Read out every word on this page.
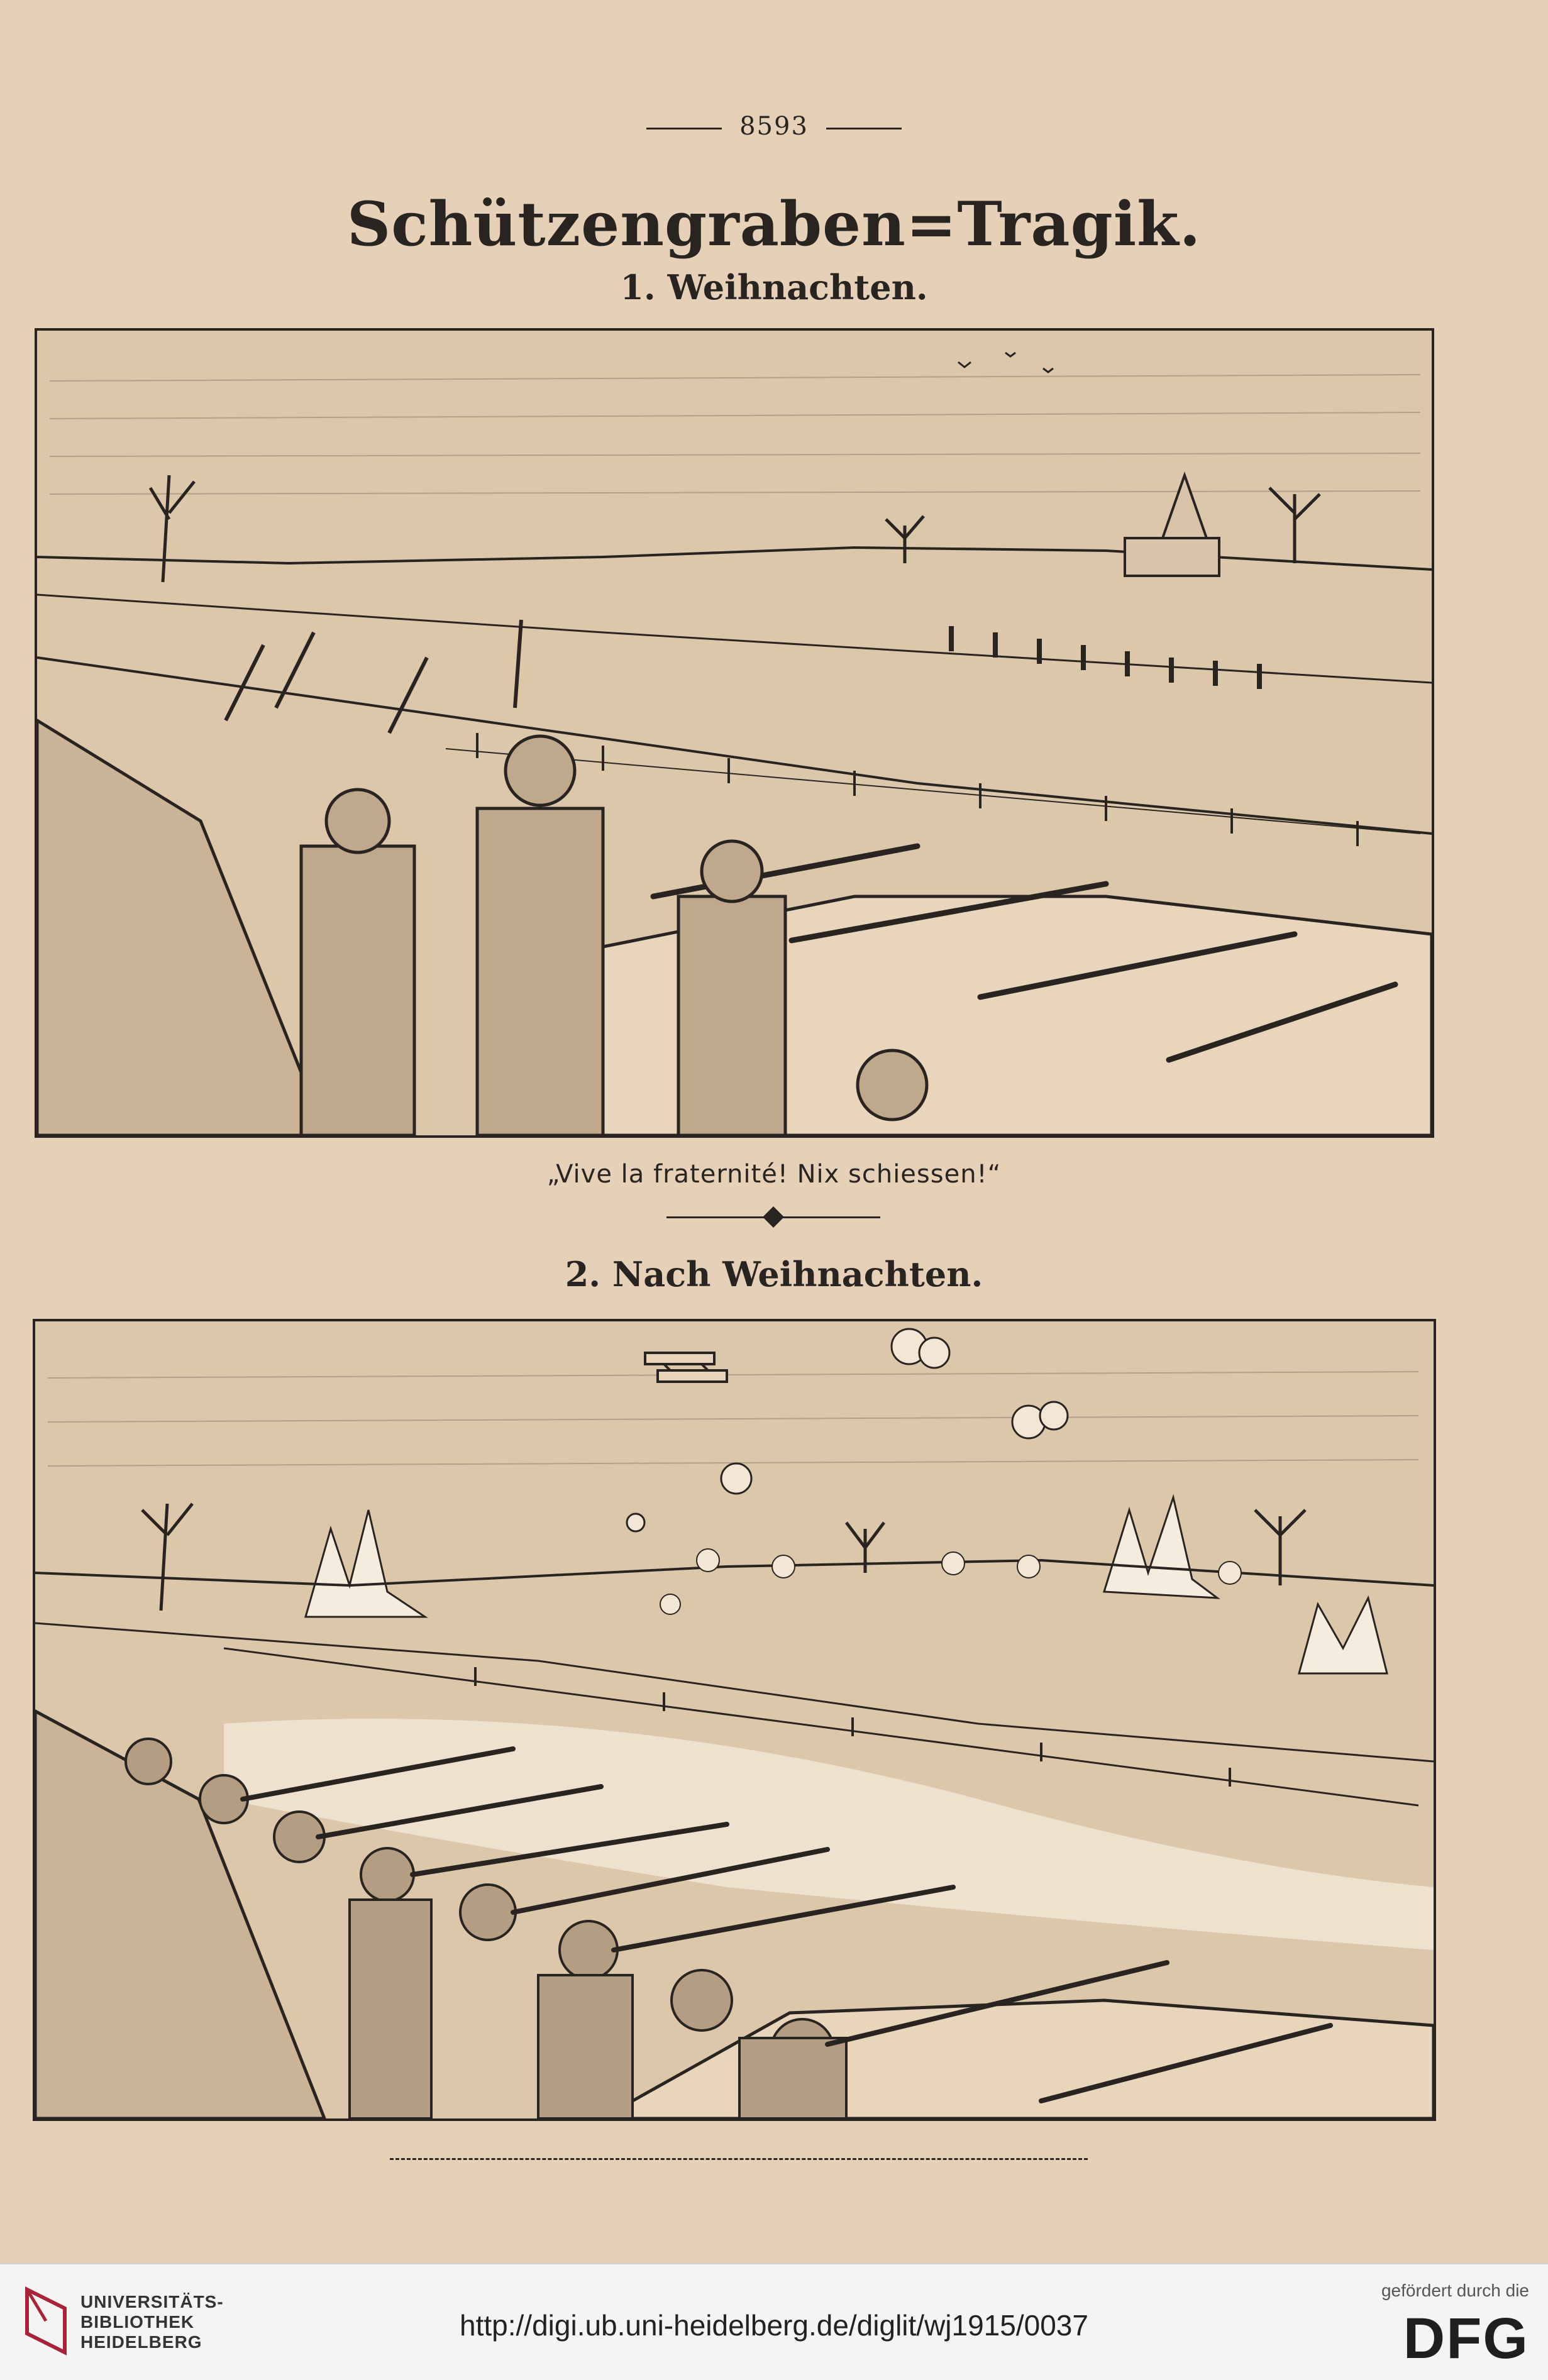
8593
Schützengraben=Tragik.
1. Weihnachten.
„Vive la fraternité! Nix schiessen!“
2. Nach Weihnachten.
UNIVERSITÄTS-
BIBLIOTHEK
HEIDELBERG
http://digi.ub.uni-heidelberg.de/diglit/wj1915/0037
gefördert durch die
DFG
